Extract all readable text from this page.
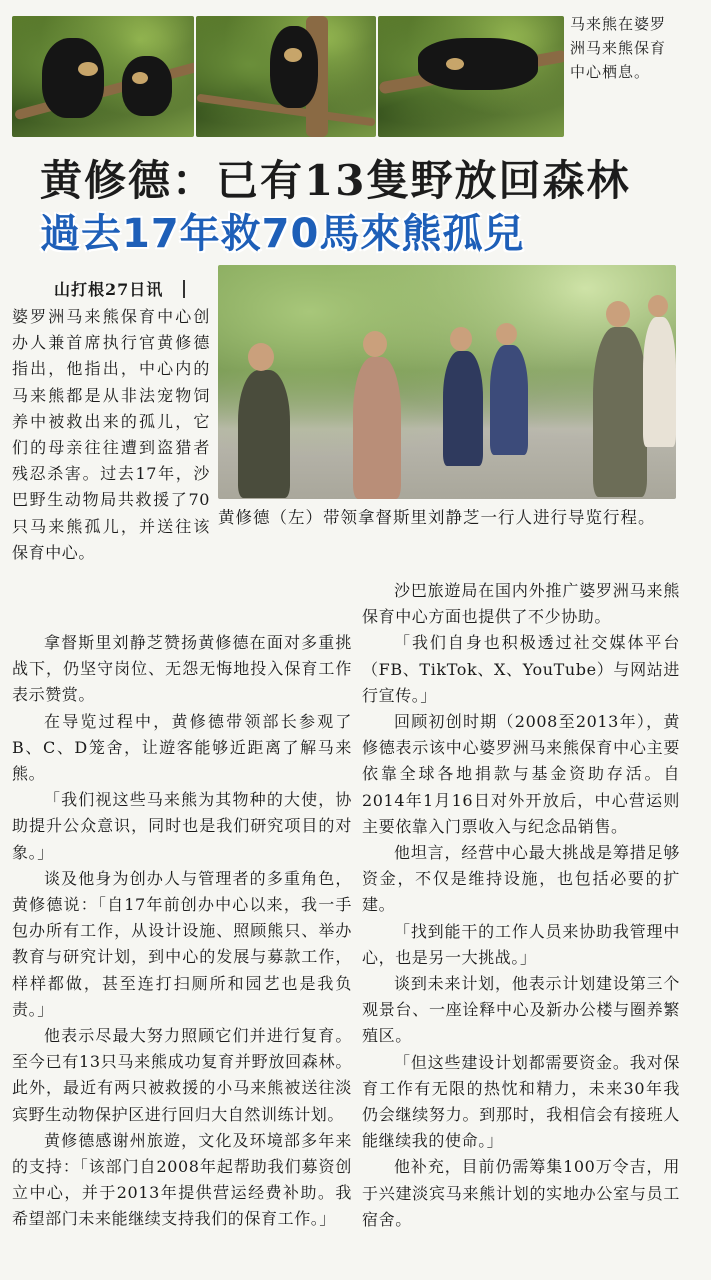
马来熊在婆罗洲马来熊保育中心栖息。
黄修德：已有13隻野放回森林
過去17年救70馬來熊孤兒
山打根27日讯
黄修德（左）带领拿督斯里刘静芝一行人进行导览行程。

婆罗洲马来熊保育中心创办人兼首席执行官黄修德指出，他指出，中心内的马来熊都是从非法宠物饲养中被救出来的孤儿，它们的母亲往往遭到盗猎者残忍杀害。过去17年，沙巴野生动物局共救援了70只马来熊孤儿，并送往该保育中心。

拿督斯里刘静芝赞扬黄修德在面对多重挑战下，仍坚守岗位、无怨无悔地投入保育工作表示赞赏。

在导览过程中，黄修德带领部长参观了B、C、D笼舍，让遊客能够近距离了解马来熊。

「我们视这些马来熊为其物种的大使，协助提升公众意识，同时也是我们研究项目的对象。」

谈及他身为创办人与管理者的多重角色，黄修德说：「自17年前创办中心以来，我一手包办所有工作，从设计设施、照顾熊只、举办教育与研究计划，到中心的发展与募款工作，样样都做，甚至连打扫厕所和园艺也是我负责。」

他表示尽最大努力照顾它们并进行复育。至今已有13只马来熊成功复育并野放回森林。此外，最近有两只被救援的小马来熊被送往淡宾野生动物保护区进行回归大自然训练计划。

黄修德感谢州旅遊，文化及环境部多年来的支持：「该部门自2008年起帮助我们募资创立中心，并于2013年提供营运经费补助。我希望部门未来能继续支持我们的保育工作。」

沙巴旅遊局在国内外推广婆罗洲马来熊保育中心方面也提供了不少协助。

「我们自身也积极透过社交媒体平台（FB、TikTok、X、YouTube）与网站进行宣传。」

回顾初创时期（2008至2013年），黄修德表示该中心婆罗洲马来熊保育中心主要依靠全球各地捐款与基金资助存活。自2014年1月16日对外开放后，中心营运则主要依靠入门票收入与纪念品销售。

他坦言，经营中心最大挑战是筹措足够资金，不仅是维持设施，也包括必要的扩建。

「找到能干的工作人员来协助我管理中心，也是另一大挑战。」

谈到未来计划，他表示计划建设第三个观景台、一座诠释中心及新办公楼与圈养繁殖区。

「但这些建设计划都需要资金。我对保育工作有无限的热忱和精力，未来30年我仍会继续努力。到那时，我相信会有接班人能继续我的使命。」

他补充，目前仍需筹集100万令吉，用于兴建淡宾马来熊计划的实地办公室与员工宿舍。
